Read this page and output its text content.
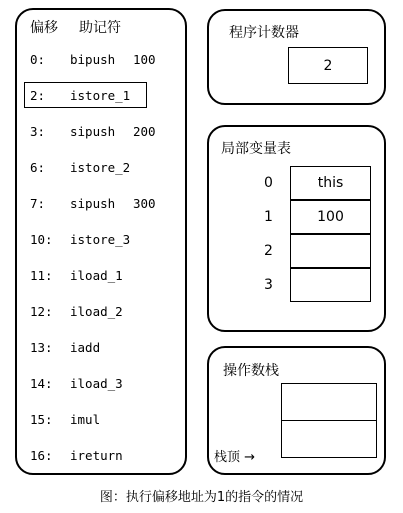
偏移 助记符
0: bipush 100
2: istore_1
3: sipush 200
6: istore_2
7: sipush 300
10: istore_3
11: iload_1
12: iload_2
13: iadd
14: iload_3
15: imul
16: ireturn
程序计数器
2
局部变量表
0	this
1	100
2
3
操作数栈
栈顶 →
图：执行偏移地址为1的指令的情况
